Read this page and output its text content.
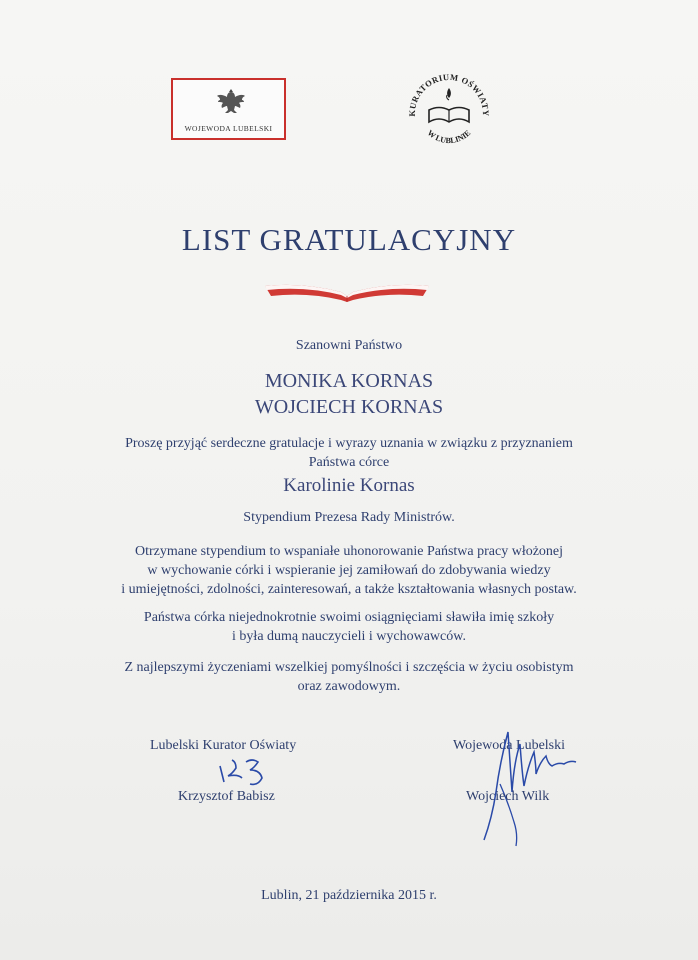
WOJEWODA LUBELSKI
KURATORIUM OŚWIATY
W LUBLINIE
LIST GRATULACYJNY
Szanowni Państwo
MONIKA KORNAS
WOJCIECH KORNAS
Proszę przyjąć serdeczne gratulacje i wyrazy uznania w związku z przyznaniem
Państwa córce
Karolinie Kornas
Stypendium Prezesa Rady Ministrów.
Otrzymane stypendium to wspaniałe uhonorowanie Państwa pracy włożonej
w wychowanie córki i wspieranie jej zamiłowań do zdobywania wiedzy
i umiejętności, zdolności, zainteresowań, a także kształtowania własnych postaw.
Państwa córka niejednokrotnie swoimi osiągnięciami sławiła imię szkoły
i była dumą nauczycieli i wychowawców.
Z najlepszymi życzeniami wszelkiej pomyślności i szczęścia w życiu osobistym
oraz zawodowym.
Lubelski Kurator Oświaty
Krzysztof Babisz
Wojewoda Lubelski
Wojciech Wilk
Lublin, 21 października 2015 r.
